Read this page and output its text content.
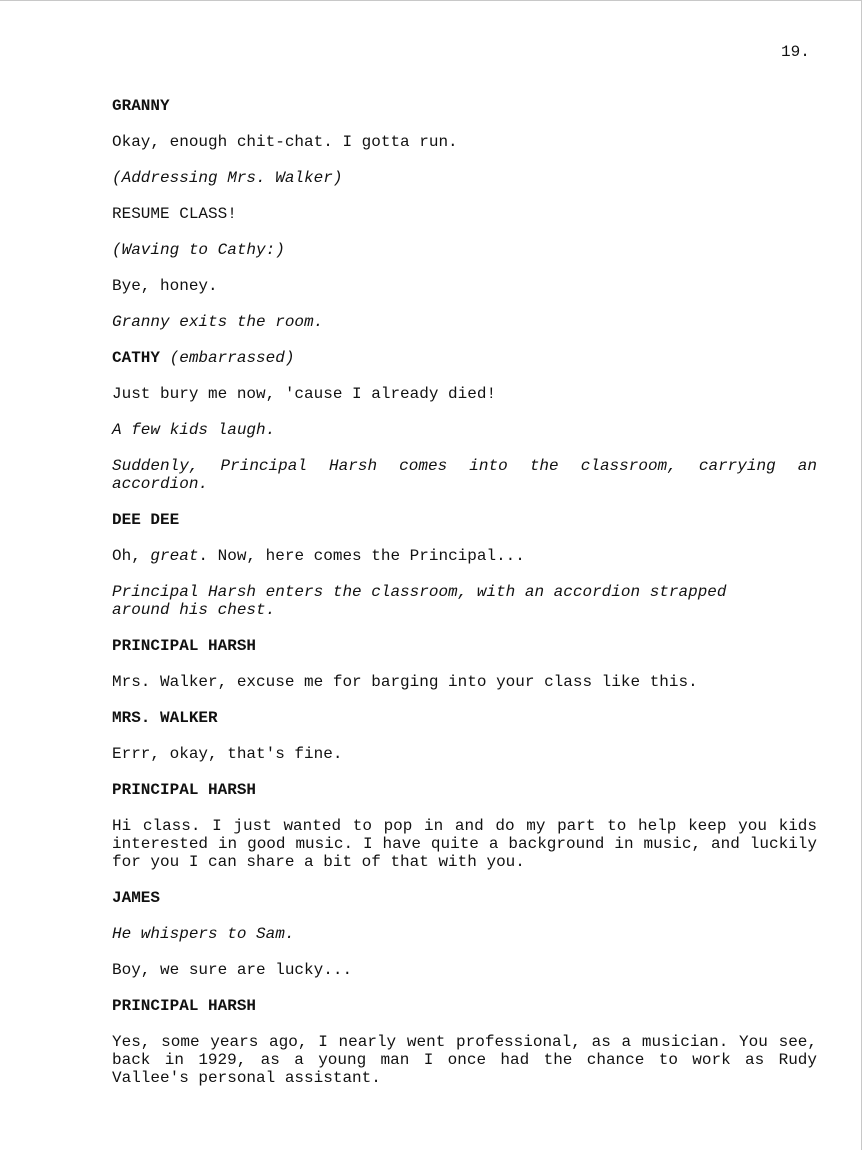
19.
GRANNY
Okay, enough chit-chat. I gotta run.
(Addressing Mrs. Walker)
RESUME CLASS!
(Waving to Cathy:)
Bye, honey.
Granny exits the room.
CATHY (embarrassed)
Just bury me now, 'cause I already died!
A few kids laugh.
Suddenly, Principal Harsh comes into the classroom, carrying an accordion.
DEE DEE
Oh, great. Now, here comes the Principal...
Principal Harsh enters the classroom, with an accordion strapped around his chest.
PRINCIPAL HARSH
Mrs. Walker, excuse me for barging into your class like this.
MRS. WALKER
Errr, okay, that's fine.
PRINCIPAL HARSH
Hi class. I just wanted to pop in and do my part to help keep you kids interested in good music. I have quite a background in music, and luckily for you I can share a bit of that with you.
JAMES
He whispers to Sam.
Boy, we sure are lucky...
PRINCIPAL HARSH
Yes, some years ago, I nearly went professional, as a musician. You see, back in 1929, as a young man I once had the chance to work as Rudy Vallee's personal assistant.
